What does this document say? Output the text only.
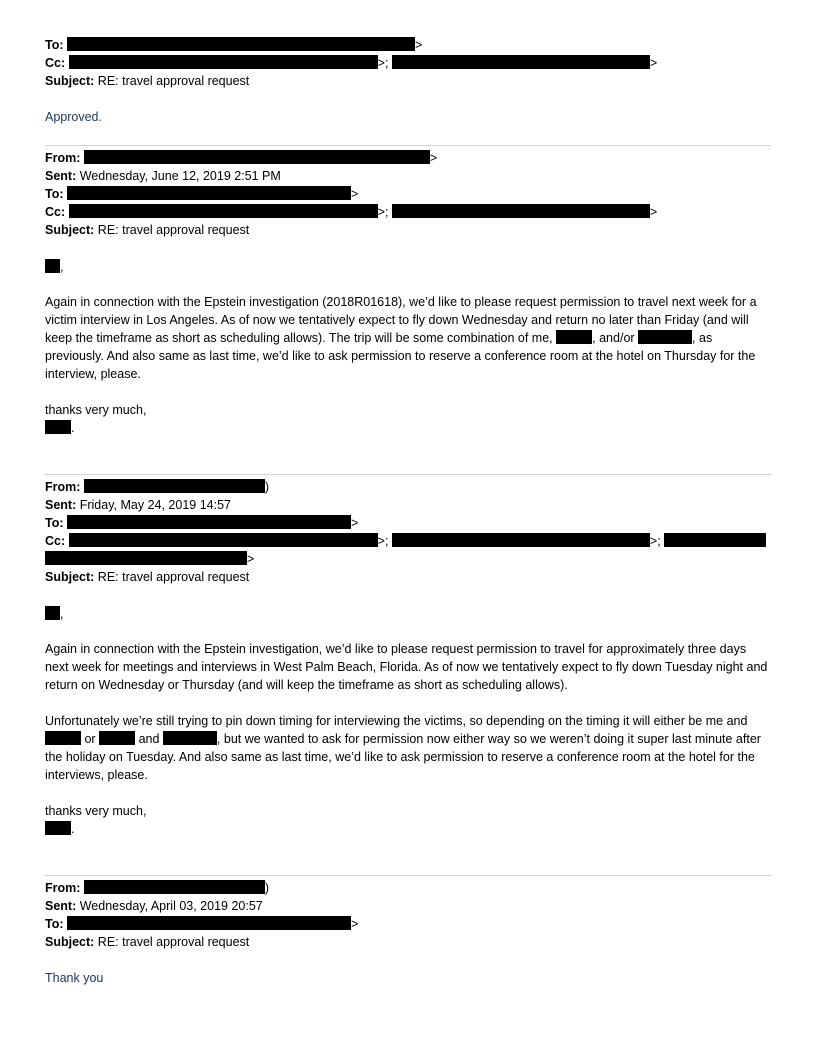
To:	>
Cc:	>;	>
Subject: RE: travel approval request
Approved.
From:	>
Sent: Wednesday, June 12, 2019 2:51 PM
To:	>
Cc:	>;	>
Subject: RE: travel approval request
,
Again in connection with the Epstein investigation (2018R01618), we’d like to please request permission to travel next week for a victim interview in Los Angeles. As of now we tentatively expect to fly down Wednesday and return no later than Friday (and will keep the timeframe as short as scheduling allows). The trip will be some combination of me,	, and/or	, as previously. And also same as last time, we’d like to ask permission to reserve a conference room at the hotel on Thursday for the interview, please.
thanks very much,
.
From:	)
Sent: Friday, May 24, 2019 14:57
To:	>
Cc:	>;	>;
>
Subject: RE: travel approval request
,
Again in connection with the Epstein investigation, we’d like to please request permission to travel for approximately three days next week for meetings and interviews in West Palm Beach, Florida. As of now we tentatively expect to fly down Tuesday night and return on Wednesday or Thursday (and will keep the timeframe as short as scheduling allows).
Unfortunately we’re still trying to pin down timing for interviewing the victims, so depending on the timing it will either be me and  or	and	, but we wanted to ask for permission now either way so we weren’t doing it super last minute after the holiday on Tuesday. And also same as last time, we’d like to ask permission to reserve a conference room at the hotel for the interviews, please.
thanks very much,
.
From:	)
Sent: Wednesday, April 03, 2019 20:57
To:	>
Subject: RE: travel approval request
Thank you
